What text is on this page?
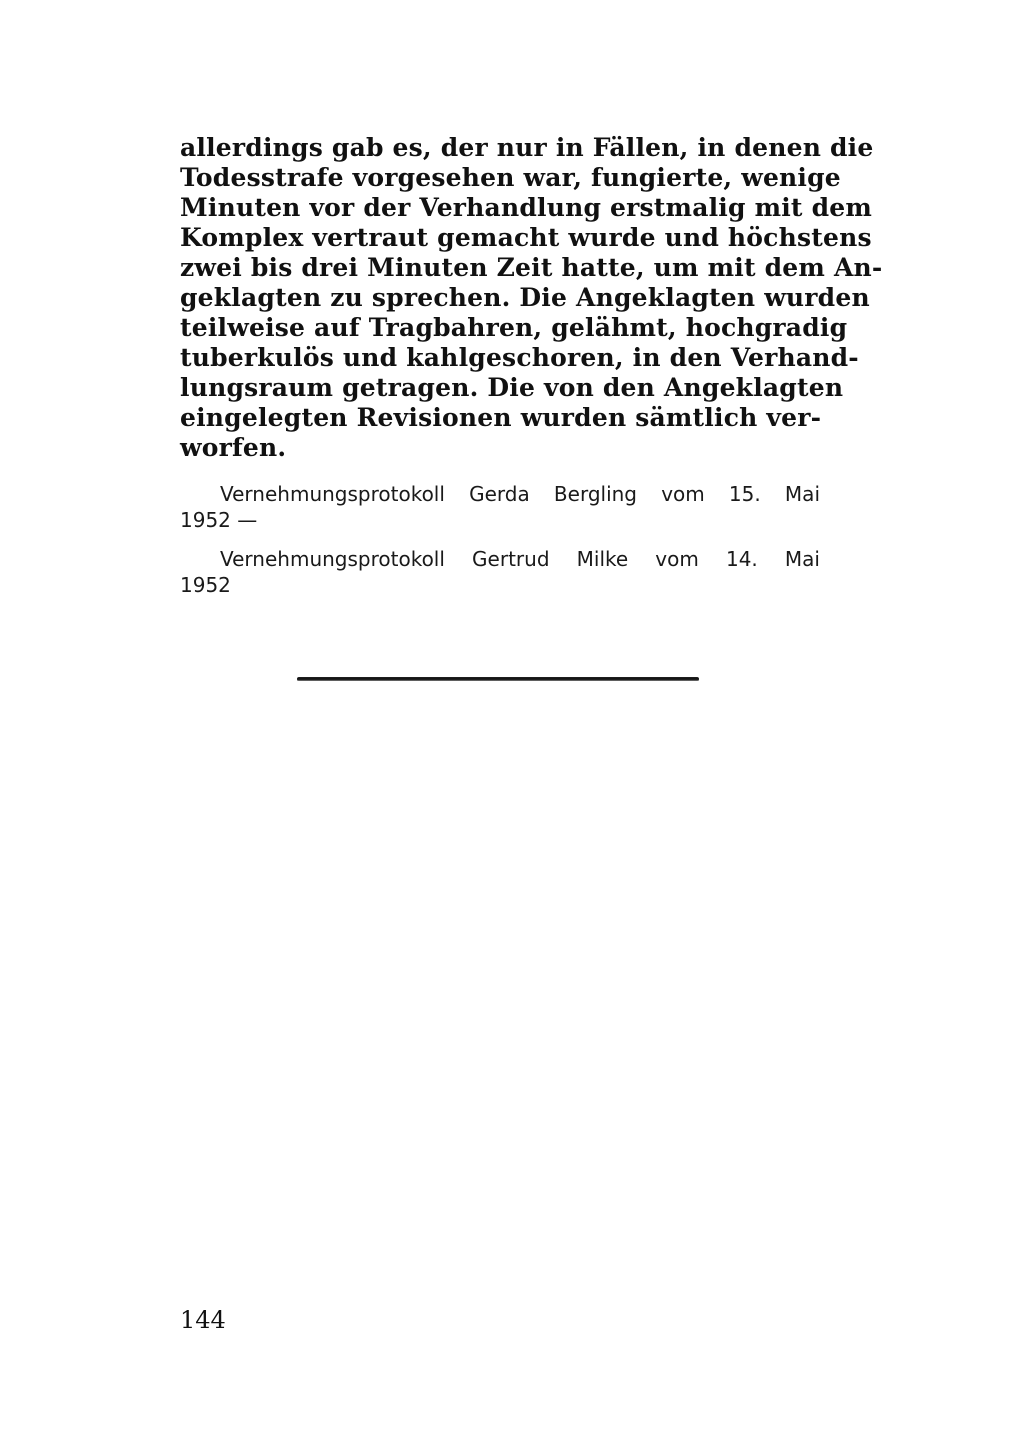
allerdings gab es, der nur in Fällen, in denen die
Todesstrafe vorgesehen war, fungierte, wenige
Minuten vor der Verhandlung erstmalig mit dem
Komplex vertraut gemacht wurde und höchstens
zwei bis drei Minuten Zeit hatte, um mit dem An-
geklagten zu sprechen. Die Angeklagten wurden
teilweise auf Tragbahren, gelähmt, hochgradig
tuberkulös und kahlgeschoren, in den Verhand-
lungsraum getragen. Die von den Angeklagten
eingelegten Revisionen wurden sämtlich ver-
worfen.
Vernehmungsprotokoll Gerda Bergling vom 15. Mai
1952 —
Vernehmungsprotokoll Gertrud Milke vom 14. Mai
1952
144
